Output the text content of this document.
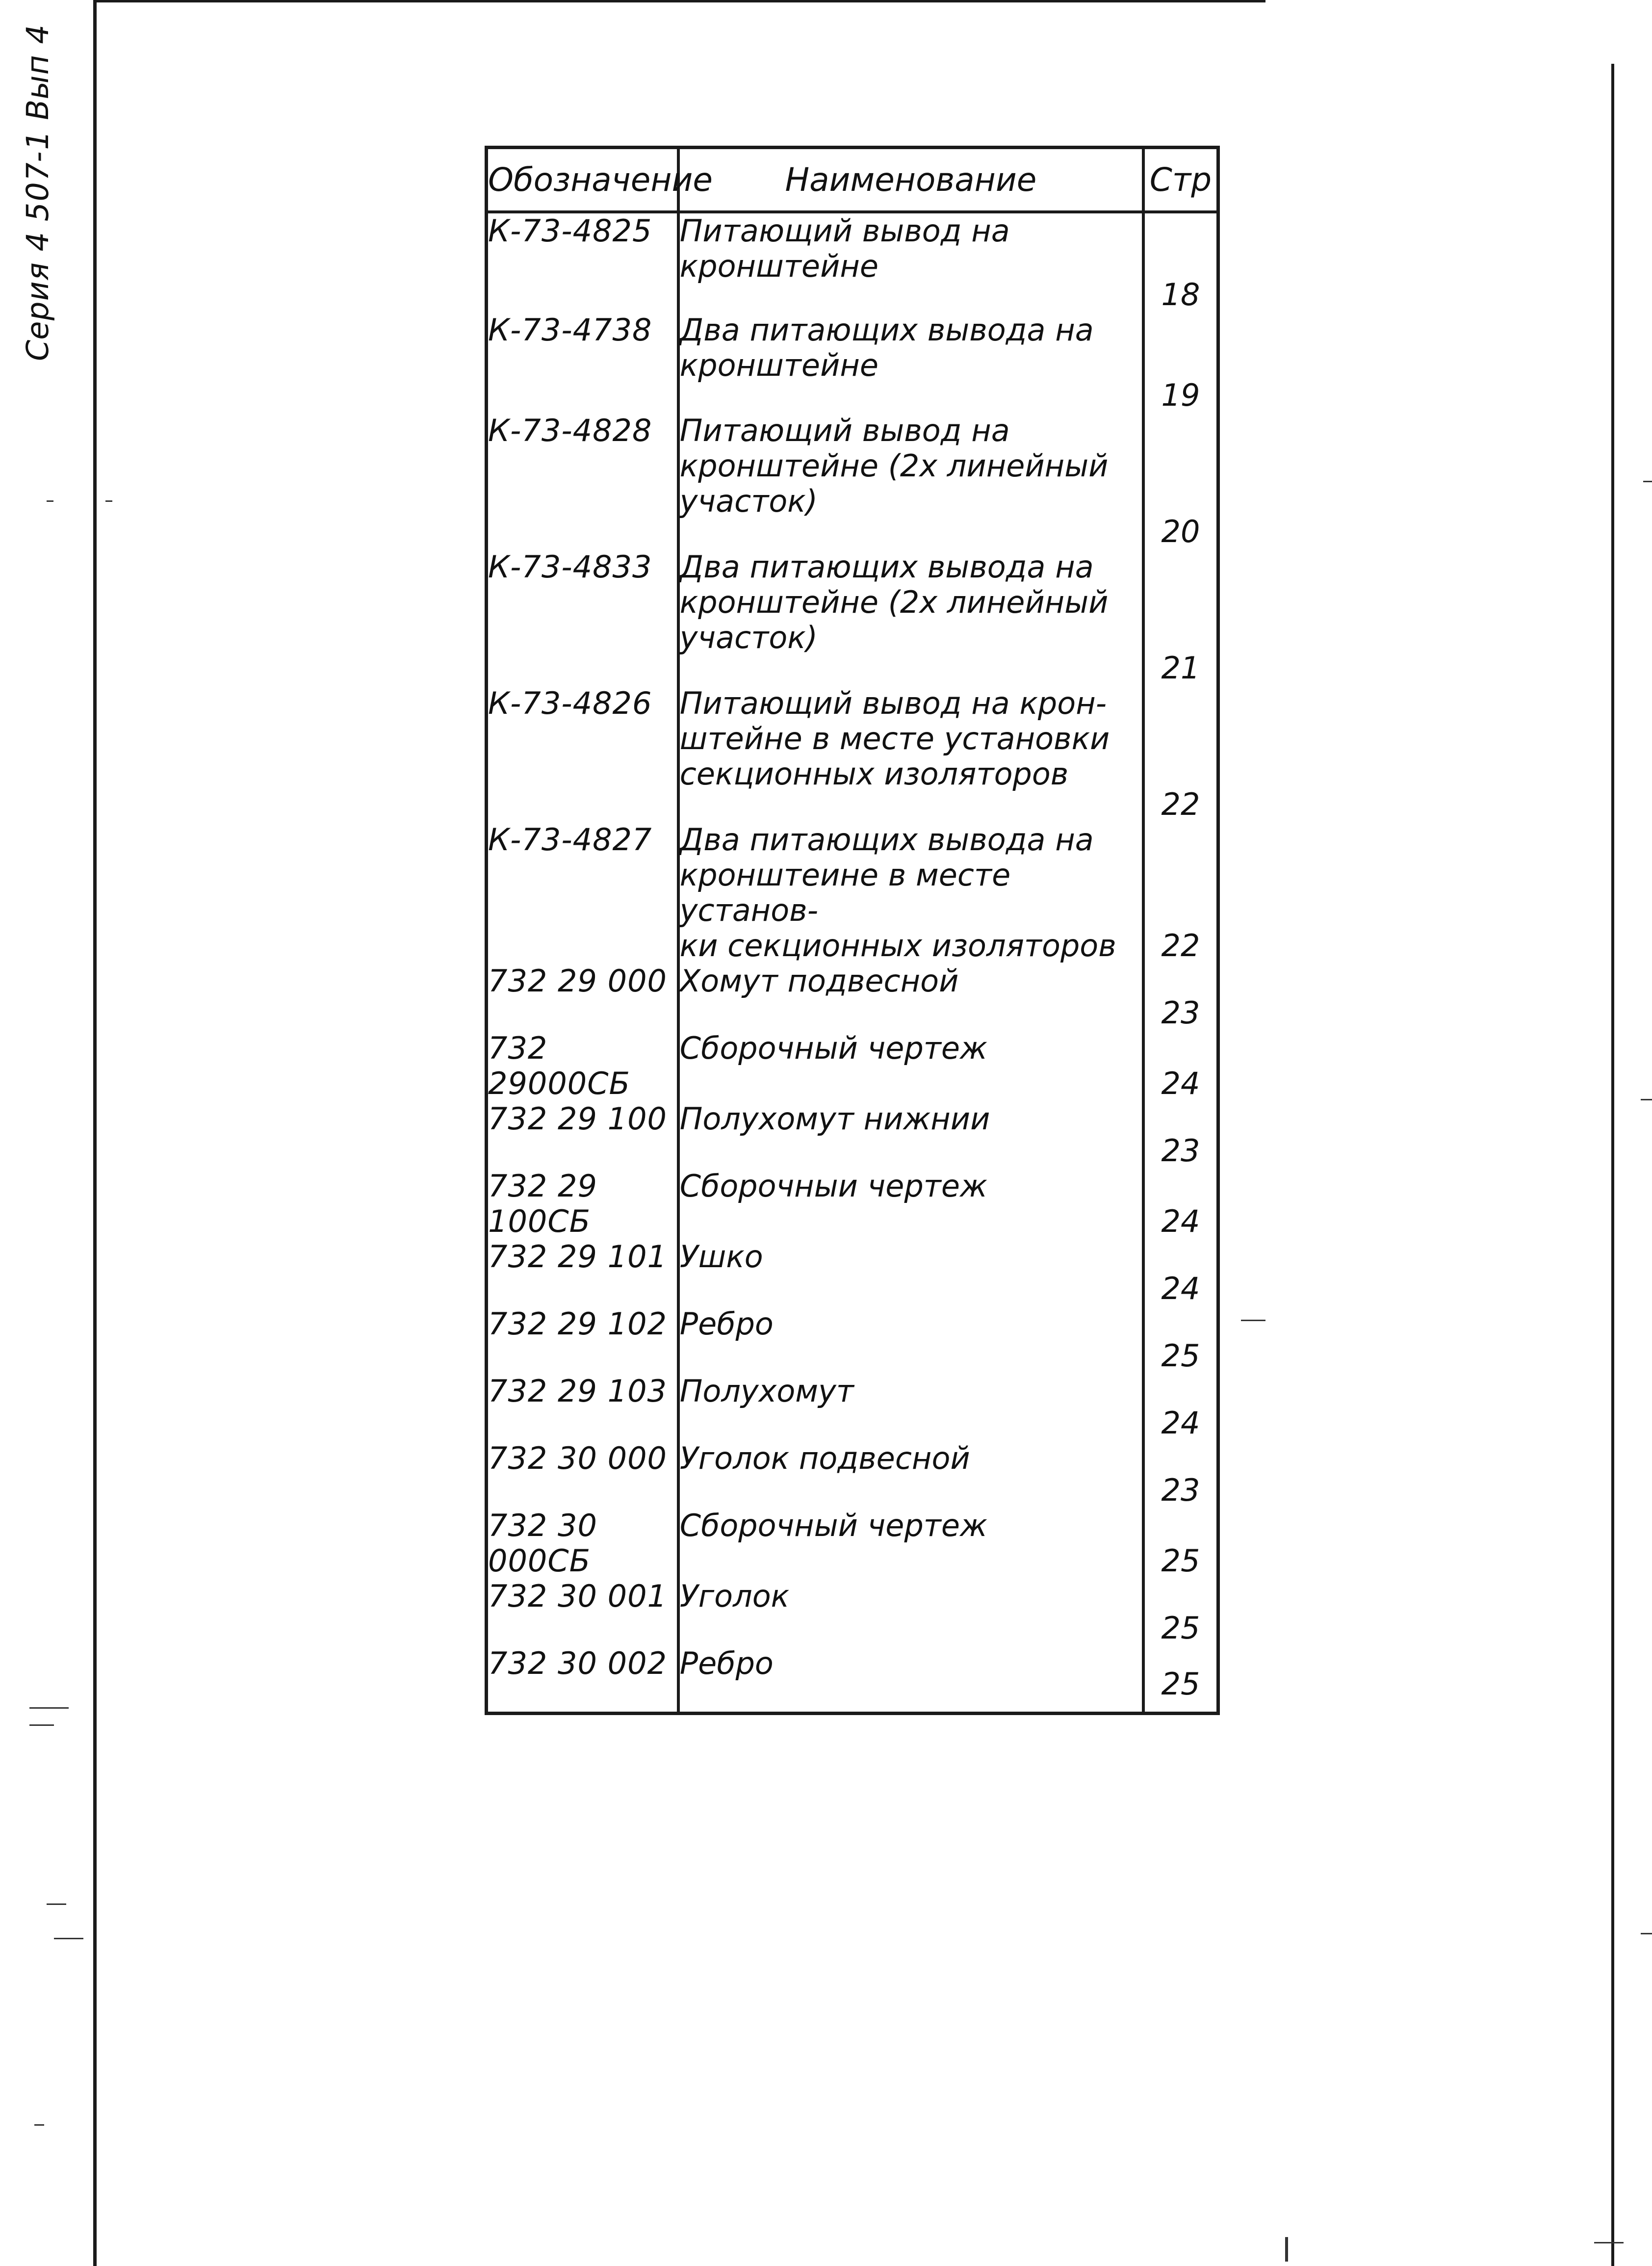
Серия 4 507-1 Вып 4	Обозначение	Наименование	Стр
К-73-4825	Питающий вывод на
кронштейне	18
К-73-4738	Два питающих вывода на
кронштейне	19
К-73-4828	Питающий вывод на
кронштейне (2х линейный
участок)	20
К-73-4833	Два питающих вывода на
кронштейне (2х линейный
участок)	21
К-73-4826	Питающий вывод на крон-
штейне в месте установки
секционных изоляторов	22
К-73-4827	Два питающих вывода на
кронштеине в месте установ-
ки секционных изоляторов	22
732 29 000	Хомут подвесной	23
732 29000СБ	Сборочный чертеж	24
732 29 100	Полухомут нижнии	23
732 29 100СБ	Сборочныи чертеж	24
732 29 101	Ушко	24
732 29 102	Ребро	25
732 29 103	Полухомут	24
732 30 000	Уголок подвесной	23
732 30 000СБ	Сборочный чертеж	25
732 30 001	Уголок	25
732 30 002	Ребро	25
